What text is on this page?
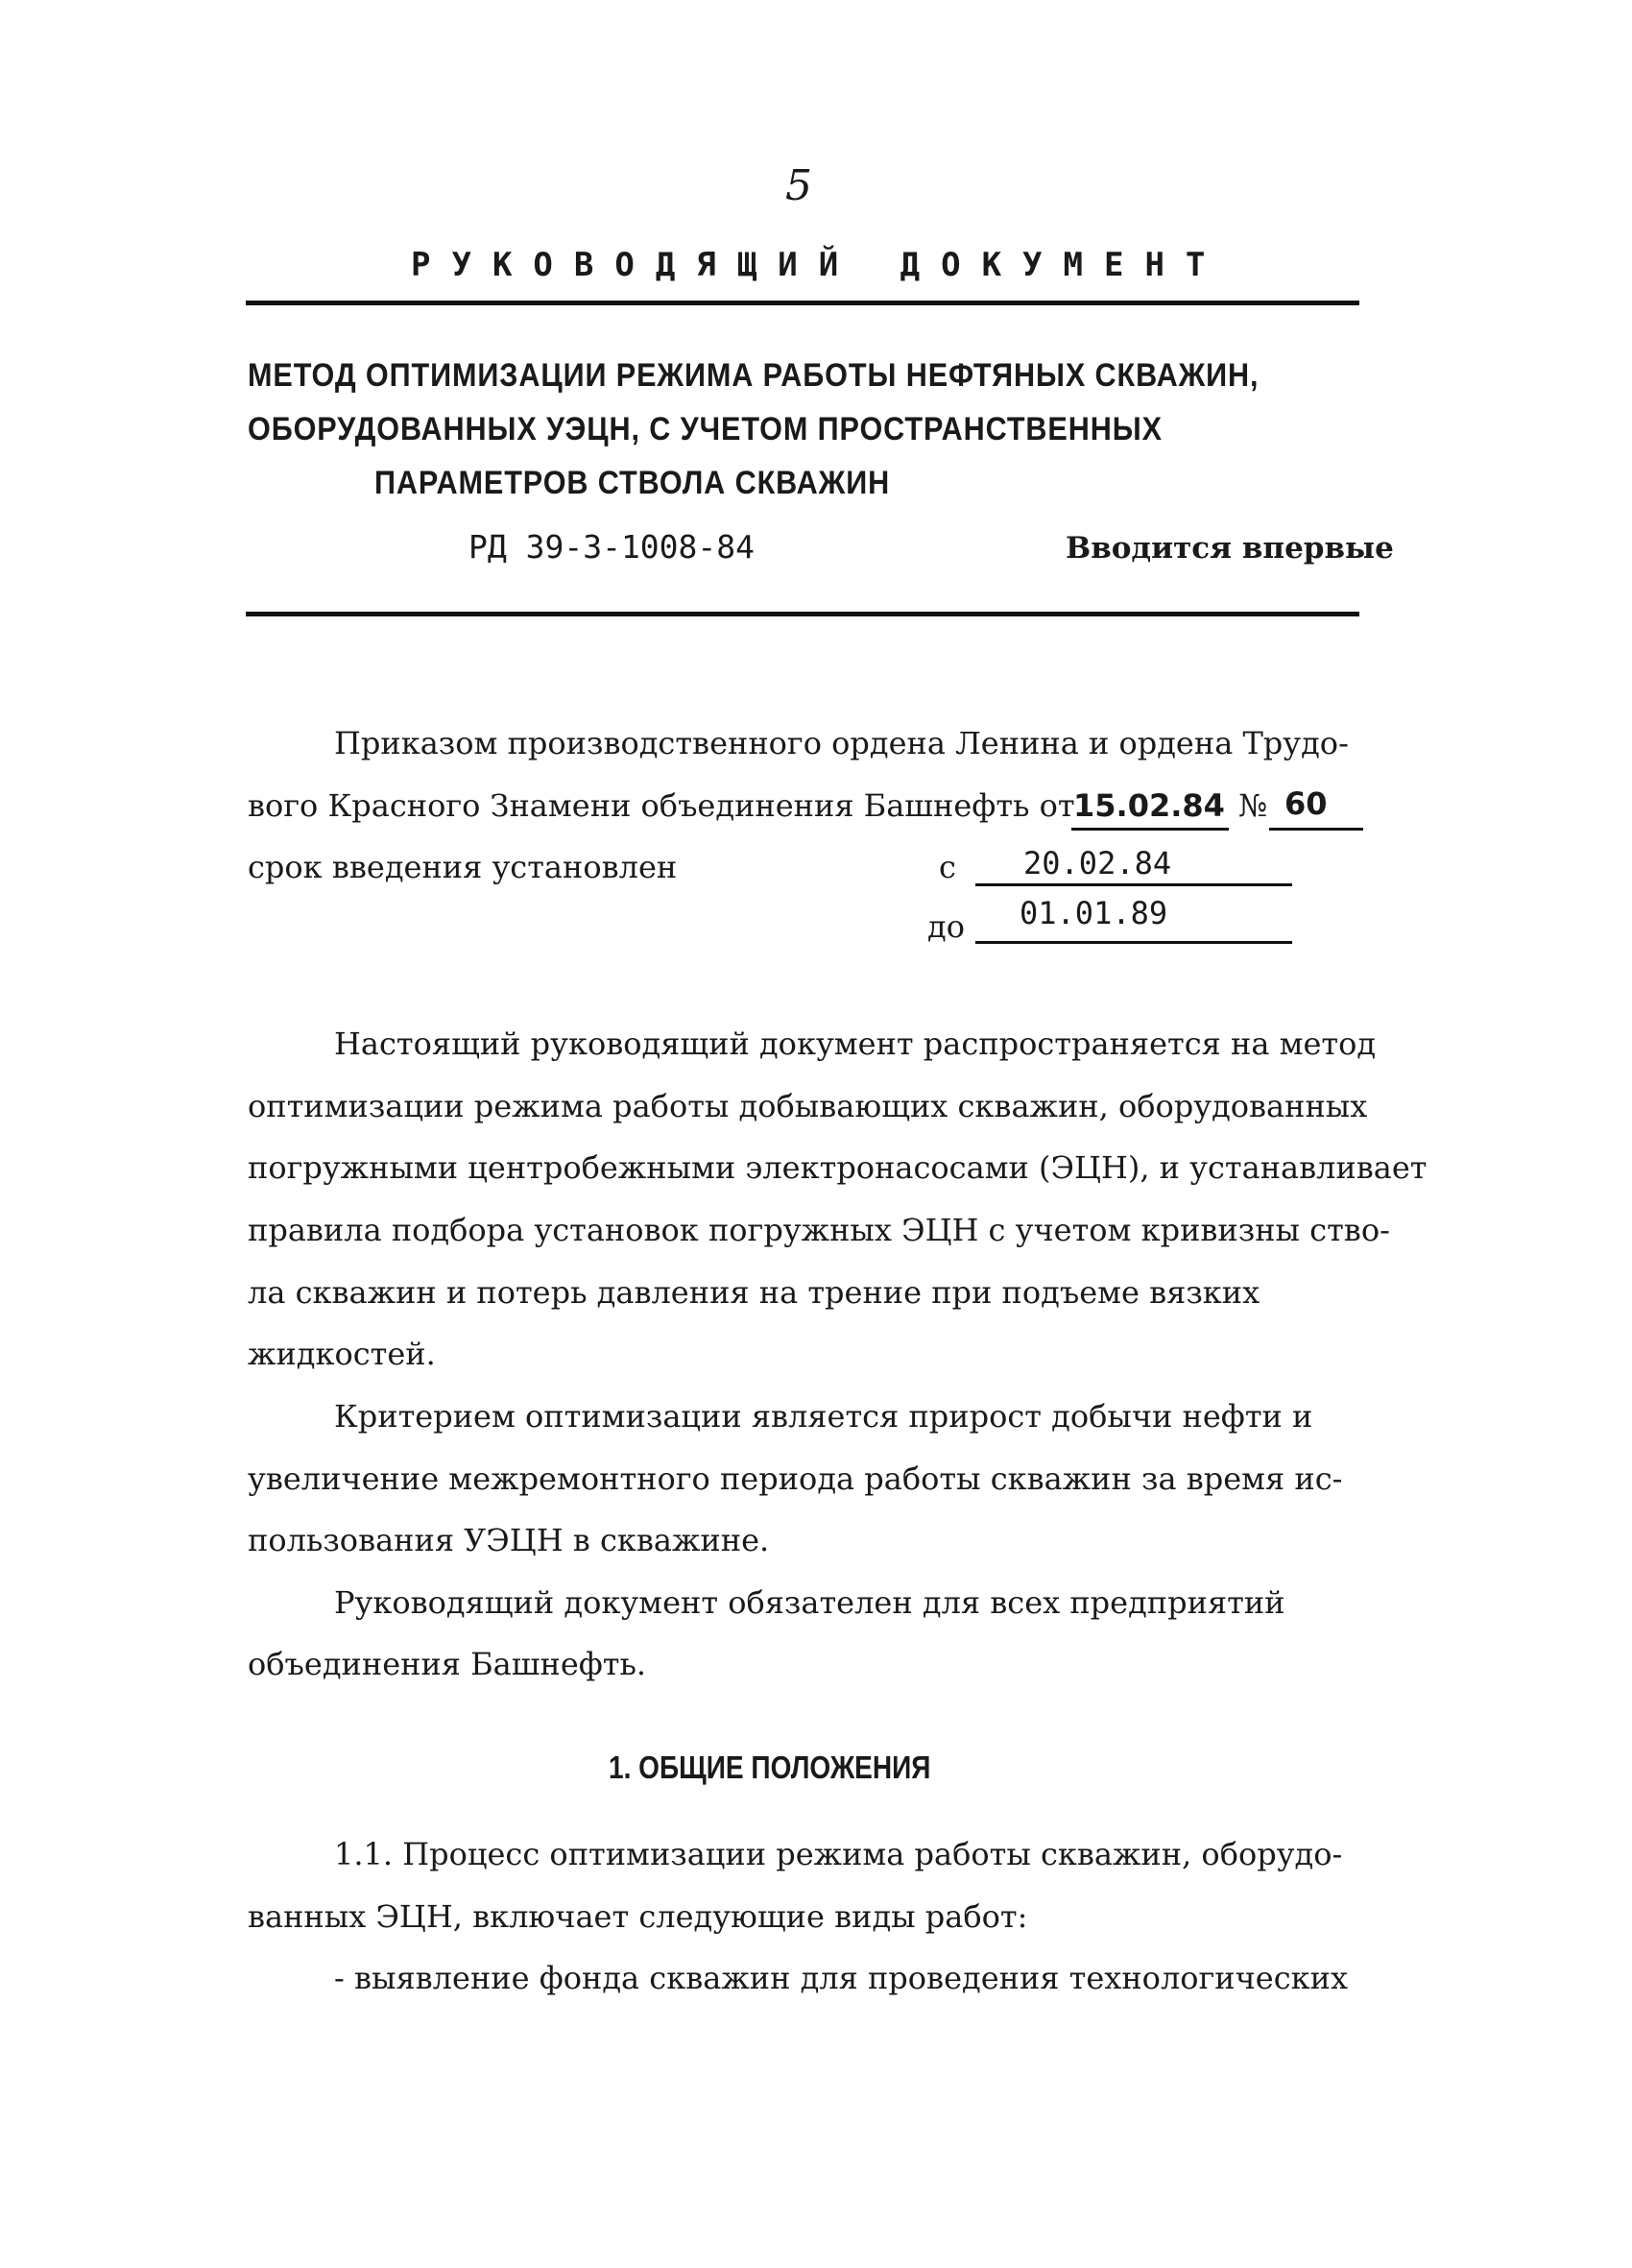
5
РУКОВОДЯЩИЙ ДОКУМЕНТ
МЕТОД ОПТИМИЗАЦИИ РЕЖИМА РАБОТЫ НЕФТЯНЫХ СКВАЖИН,
ОБОРУДОВАННЫХ УЭЦН, С УЧЕТОМ ПРОСТРАНСТВЕННЫХ
ПАРАМЕТРОВ СТВОЛА СКВАЖИН
РД 39-3-1008-84	Вводится впервые
Приказом производственного ордена Ленина и ордена Трудо-
вого Красного Знамени объединения Башнефть от
15.02.84 № 60
срок введения установлен	с 20.02.84
до 01.01.89
Настоящий руководящий документ распространяется на метод
оптимизации режима работы добывающих скважин, оборудованных
погружными центробежными электронасосами (ЭЦН), и устанавливает
правила подбора установок погружных ЭЦН с учетом кривизны ство-
ла скважин и потерь давления на трение при подъеме вязких
жидкостей.
Критерием оптимизации является прирост добычи нефти и
увеличение межремонтного периода работы скважин за время ис-
пользования УЭЦН в скважине.
Руководящий документ обязателен для всех предприятий
объединения Башнефть.
1. ОБЩИЕ ПОЛОЖЕНИЯ
1.1. Процесс оптимизации режима работы скважин, оборудо-
ванных ЭЦН, включает следующие виды работ:
- выявление фонда скважин для проведения технологических
